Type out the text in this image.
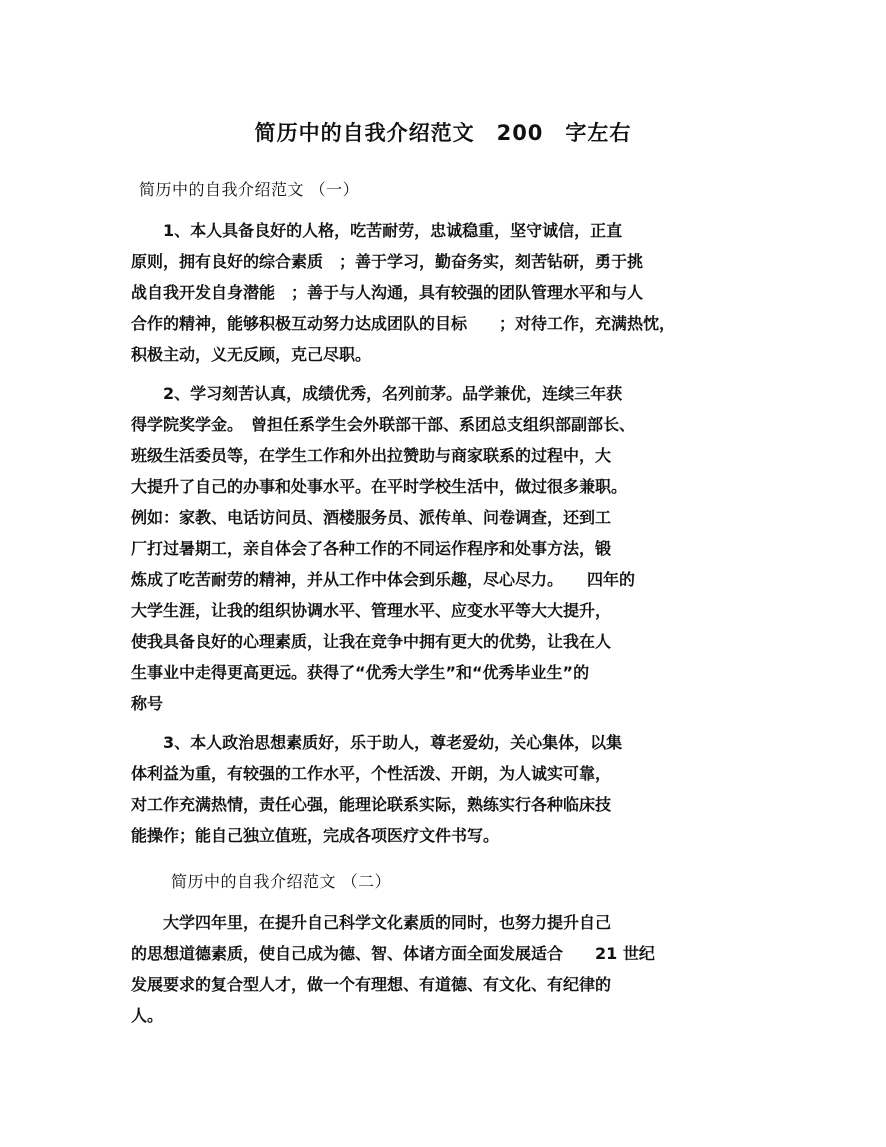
简历中的自我介绍范文　200　字左右
简历中的自我介绍范文 （一）
　　1、本人具备良好的人格，吃苦耐劳，忠诚稳重，坚守诚信，正直
原则，拥有良好的综合素质　；善于学习，勤奋务实，刻苦钻研，勇于挑
战自我开发自身潜能　；善于与人沟通，具有较强的团队管理水平和与人
合作的精神，能够积极互动努力达成团队的目标　　；对待工作，充满热忱，
积极主动，义无反顾，克己尽职。
　　2、学习刻苦认真，成绩优秀，名列前茅。品学兼优，连续三年获
得学院奖学金。　曾担任系学生会外联部干部、系团总支组织部副部长、
班级生活委员等，在学生工作和外出拉赞助与商家联系的过程中，大
大提升了自己的办事和处事水平。在平时学校生活中，做过很多兼职。
例如：家教、电话访问员、酒楼服务员、派传单、问卷调查，还到工
厂打过暑期工，亲自体会了各种工作的不同运作程序和处事方法，锻
炼成了吃苦耐劳的精神，并从工作中体会到乐趣，尽心尽力。　　四年的
大学生涯，让我的组织协调水平、管理水平、应变水平等大大提升，
使我具备良好的心理素质，让我在竞争中拥有更大的优势，让我在人
生事业中走得更高更远。获得了“优秀大学生”和“优秀毕业生”的
称号
　　3、本人政治思想素质好，乐于助人，尊老爱幼，关心集体，以集
体利益为重，有较强的工作水平，个性活泼、开朗，为人诚实可靠，
对工作充满热情，责任心强，能理论联系实际，熟练实行各种临床技
能操作；能自己独立值班，完成各项医疗文件书写。
简历中的自我介绍范文 （二）
　　大学四年里，在提升自己科学文化素质的同时，也努力提升自己
的思想道德素质，使自己成为德、智、体诸方面全面发展适合　　21 世纪
发展要求的复合型人才，做一个有理想、有道德、有文化、有纪律的
人。
